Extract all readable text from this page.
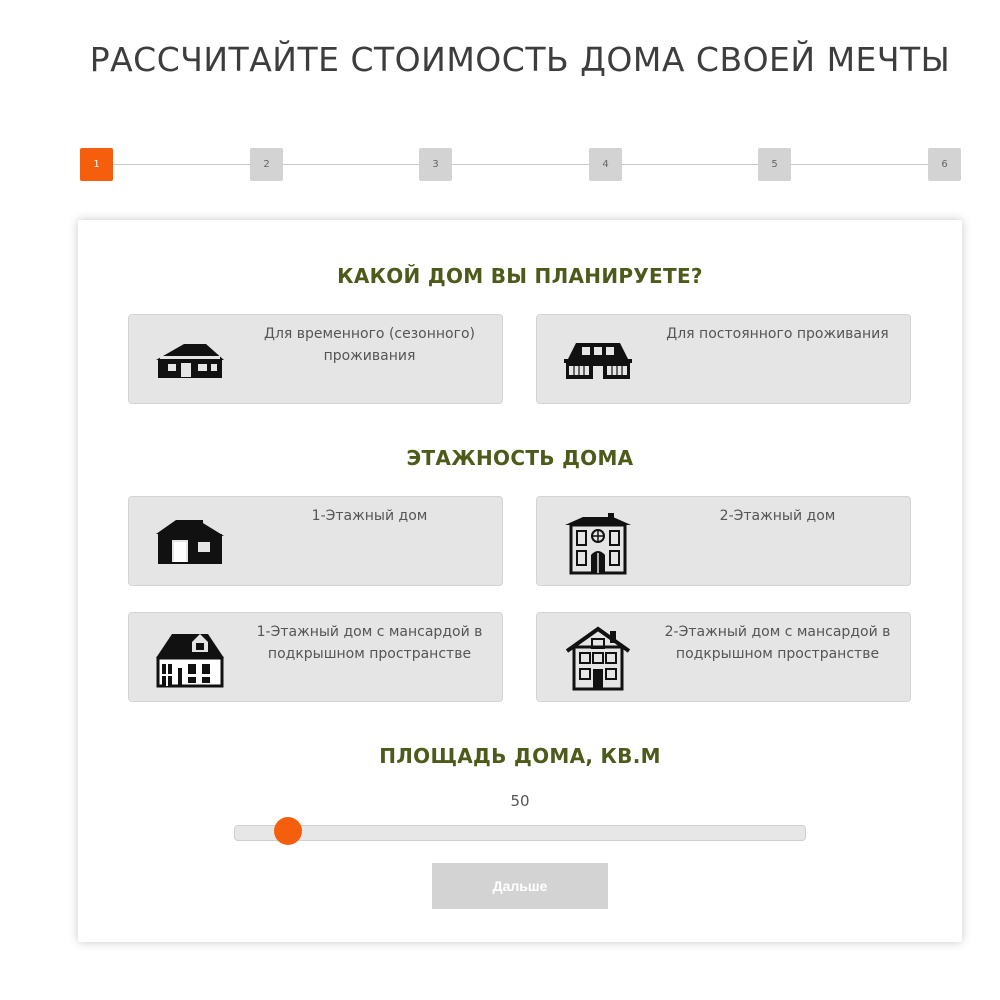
РАССЧИТАЙТЕ СТОИМОСТЬ ДОМА СВОЕЙ МЕЧТЫ
1	2	3	4	5	6
КАКОЙ ДОМ ВЫ ПЛАНИРУЕТЕ?
Для временного (сезонного) проживания
Для постоянного проживания
ЭТАЖНОСТЬ ДОМА
1-Этажный дом	2-Этажный дом
1-Этажный дом с мансардой в подкрышном пространстве
2-Этажный дом с мансардой в подкрышном пространстве
ПЛОЩАДЬ ДОМА, КВ.М
50
Дальше
